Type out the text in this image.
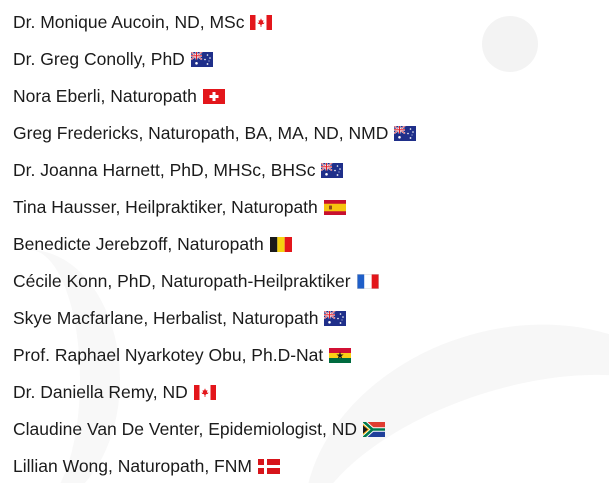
Dr. Monique Aucoin, ND, MSc
Dr. Greg Conolly, PhD
Nora Eberli, Naturopath
Greg Fredericks, Naturopath, BA, MA, ND, NMD
Dr. Joanna Harnett, PhD, MHSc, BHSc
Tina Hausser, Heilpraktiker, Naturopath
Benedicte Jerebzoff, Naturopath
Cécile Konn, PhD, Naturopath-Heilpraktiker
Skye Macfarlane, Herbalist, Naturopath
Prof. Raphael Nyarkotey Obu, Ph.D-Nat
Dr. Daniella Remy, ND
Claudine Van De Venter, Epidemiologist, ND
Lillian Wong, Naturopath, FNM
